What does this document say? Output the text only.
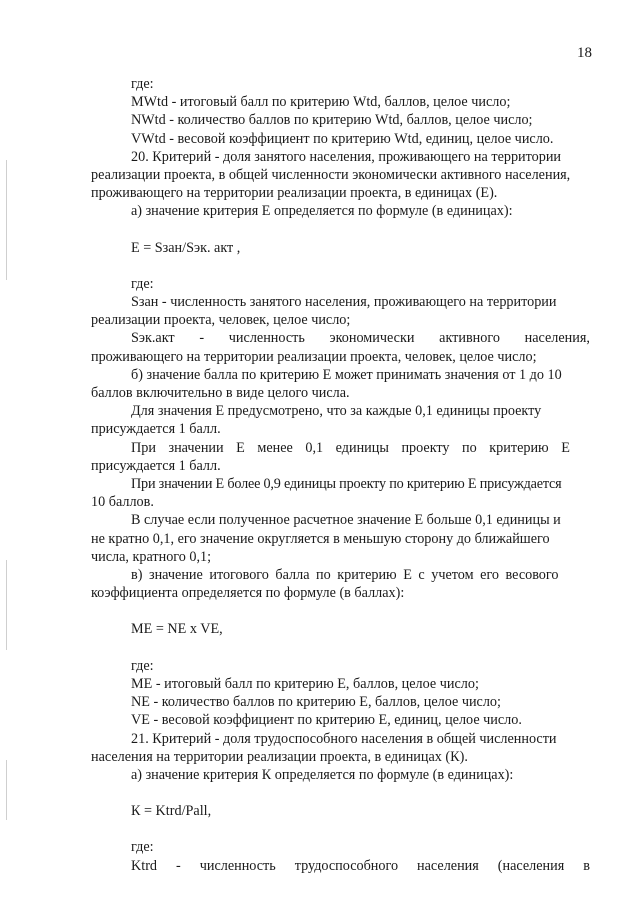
18
где:
MWtd - итоговый балл по критерию Wtd, баллов, целое число;
NWtd - количество баллов по критерию Wtd, баллов, целое число;
VWtd - весовой коэффициент по критерию Wtd, единиц, целое число.
20. Критерий - доля занятого населения, проживающего на территории
реализации проекта, в общей численности экономически активного населения,
проживающего на территории реализации проекта, в единицах (Е).
а) значение критерия Е определяется по формуле (в единицах):
Е = Sзан/Sэк. акт ,
где:
Sзан - численность занятого населения, проживающего на территории
реализации проекта, человек, целое число;
Sэк.акт - численность экономически активного населения,
проживающего на территории реализации проекта, человек, целое число;
б) значение балла по критерию Е может принимать значения от 1 до 10
баллов включительно в виде целого числа.
Для значения Е предусмотрено, что за каждые 0,1 единицы проекту
присуждается 1 балл.
При значении Е менее 0,1 единицы проекту по критерию Е
присуждается 1 балл.
При значении Е более 0,9 единицы проекту по критерию Е присуждается
10 баллов.
В случае если полученное расчетное значение Е больше 0,1 единицы и
не кратно 0,1, его значение округляется в меньшую сторону до ближайшего
числа, кратного 0,1;
в) значение итогового балла по критерию Е с учетом его весового
коэффициента определяется по формуле (в баллах):
МЕ = NE x VE,
где:
МЕ - итоговый балл по критерию Е, баллов, целое число;
NE - количество баллов по критерию Е, баллов, целое число;
VE - весовой коэффициент по критерию Е, единиц, целое число.
21. Критерий - доля трудоспособного населения в общей численности
населения на территории реализации проекта, в единицах (К).
а) значение критерия К определяется по формуле (в единицах):
К = Ktrd/Pall,
где:
Ktrd - численность трудоспособного населения (населения в
